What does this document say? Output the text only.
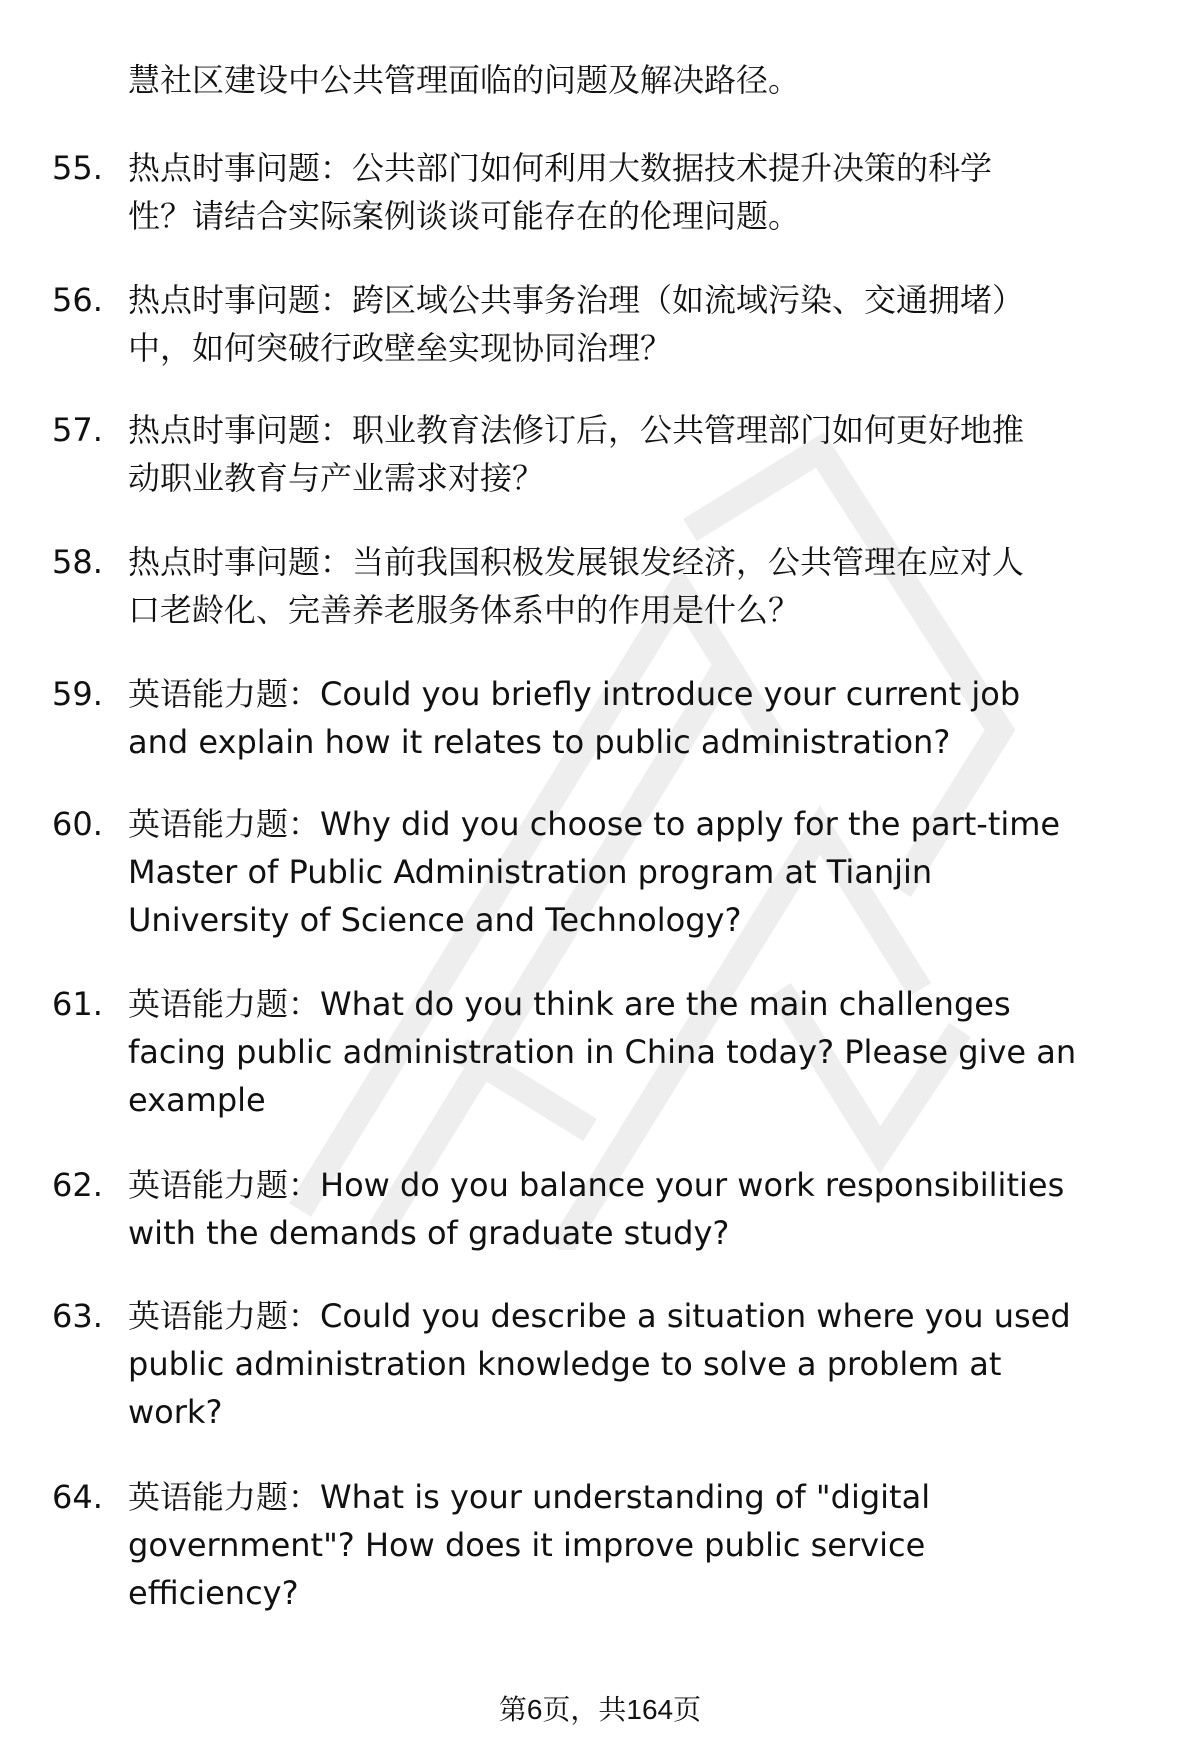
慧社区建设中公共管理面临的问题及解决路径。
55. 热点时事问题：公共部门如何利用大数据技术提升决策的科学
性？请结合实际案例谈谈可能存在的伦理问题。
56. 热点时事问题：跨区域公共事务治理（如流域污染、交通拥堵）
中，如何突破行政壁垒实现协同治理？
57. 热点时事问题：职业教育法修订后，公共管理部门如何更好地推
动职业教育与产业需求对接？
58. 热点时事问题：当前我国积极发展银发经济，公共管理在应对人
口老龄化、完善养老服务体系中的作用是什么？
59. 英语能力题：Could you briefly introduce your current job
and explain how it relates to public administration?
60. 英语能力题：Why did you choose to apply for the part-time
Master of Public Administration program at Tianjin
University of Science and Technology?
61. 英语能力题：What do you think are the main challenges
facing public administration in China today? Please give an
example
62. 英语能力题：How do you balance your work responsibilities
with the demands of graduate study?
63. 英语能力题：Could you describe a situation where you used
public administration knowledge to solve a problem at
work?
64. 英语能力题：What is your understanding of "digital
government"? How does it improve public service
efficiency?
第6页，共164页
